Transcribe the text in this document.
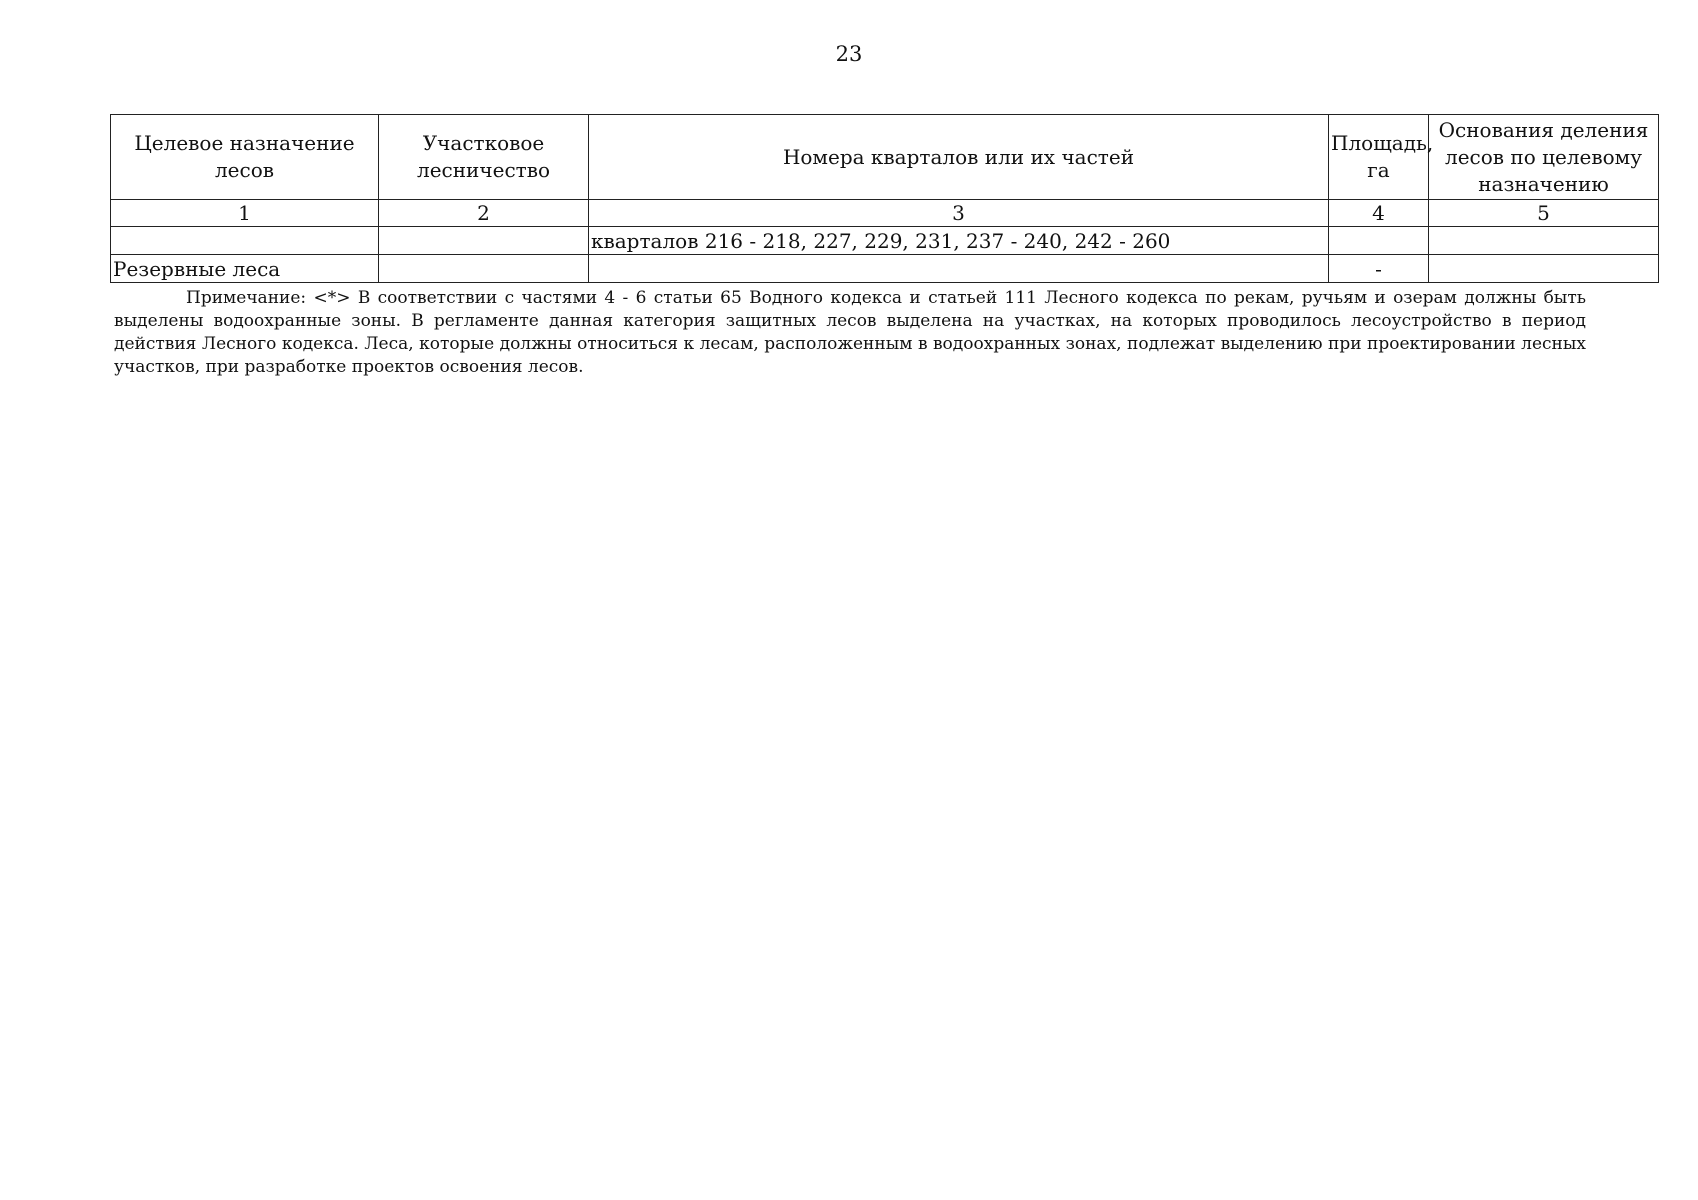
23
Целевое назначение лесов	Участковое лесничество	Номера кварталов или их частей	Площадь, га	Основания деления лесов по целевому назначению
1	2	3	4	5
		кварталов 216 - 218, 227, 229, 231, 237 - 240, 242 - 260		
Резервные леса			-	

Примечание: <*> В соответствии с частями 4 - 6 статьи 65 Водного кодекса и статьей 111 Лесного кодекса по рекам, ручьям и озерам должны быть выделены водоохранные зоны. В регламенте данная категория защитных лесов выделена на участках, на которых проводилось лесоустройство в период действия Лесного кодекса. Леса, которые должны относиться к лесам, расположенным в водоохранных зонах, подлежат выделению при проектировании лесных участков, при разработке проектов освоения лесов.
